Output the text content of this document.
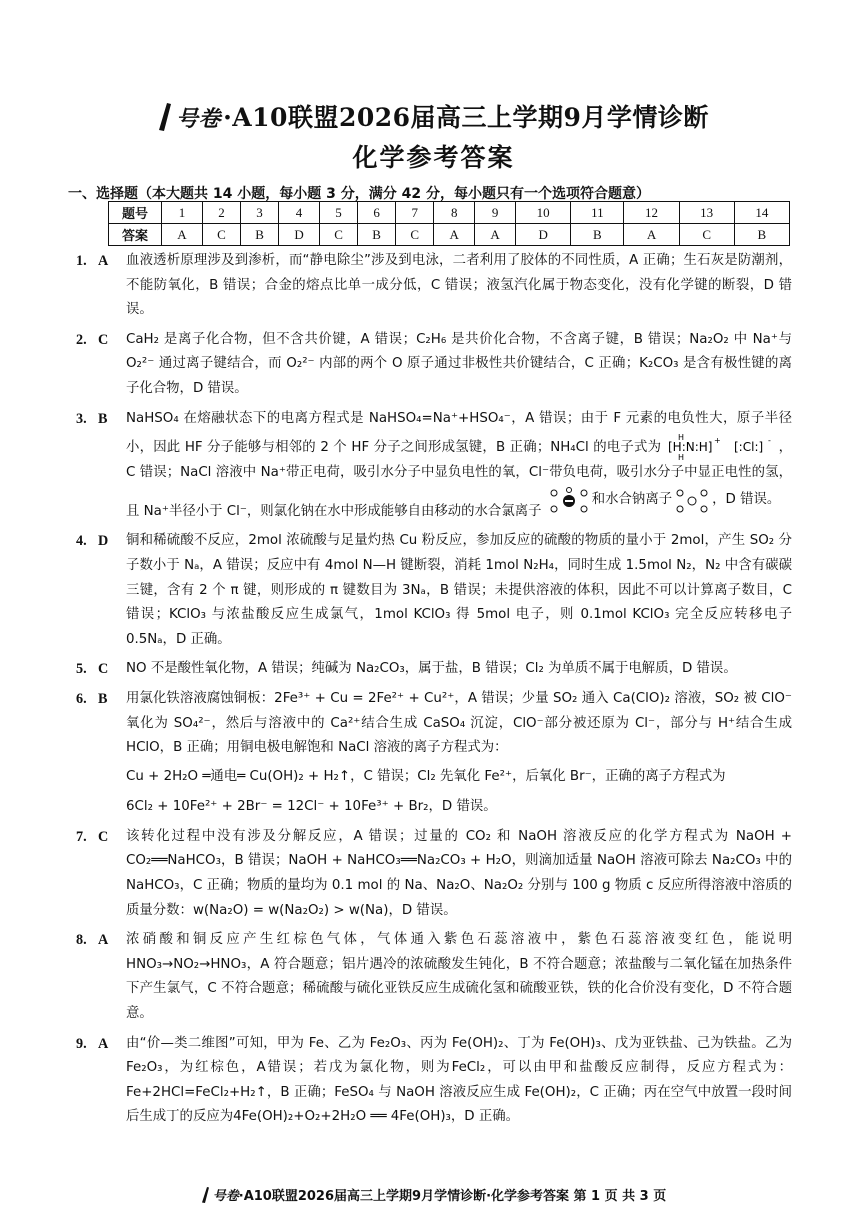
号卷·A10联盟2026届高三上学期9月学情诊断
化学参考答案
一、选择题（本大题共 14 小题，每小题 3 分，满分 42 分，每小题只有一个选项符合题意）
题号	1	2	3	4	5	6	7	8	9	10	11	12	13	14
答案	A	C	B	D	C	B	C	A	A	D	B	A	C	B
1. A 血液透析原理涉及到渗析，而“静电除尘”涉及到电泳，二者利用了胶体的不同性质，A 正确；生石灰是防潮剂，不能防氧化，B 错误；合金的熔点比单一成分低，C 错误；液氢汽化属于物态变化，没有化学键的断裂，D 错误。
2. C CaH₂ 是离子化合物，但不含共价键，A 错误；C₂H₆ 是共价化合物，不含离子键，B 错误；Na₂O₂ 中 Na⁺与 O₂²⁻ 通过离子键结合，而 O₂²⁻ 内部的两个 O 原子通过非极性共价键结合，C 正确；K₂CO₃ 是含有极性键的离子化合物，D 错误。
3. B NaHSO₄ 在熔融状态下的电离方程式是 NaHSO₄=Na⁺+HSO₄⁻，A 错误；由于 F 元素的电负性大，原子半径小，因此 HF 分子能够与相邻的 2 个 HF 分子之间形成氢键，B 正确；NH₄Cl 的电子式为 [H:N:H]
H
H
+
[:Cl:] - ，C 错误；NaCl 溶液中 Na⁺带正电荷，吸引水分子中显负电性的氧，Cl⁻带负电荷，吸引水分子中显正电性的氢，且 Na⁺半径小于 Cl⁻，则氯化钠在水中形成能够自由移动的水合氯离子
和水合钠离子	，D 错误。
4. D 铜和稀硫酸不反应，2mol 浓硫酸与足量灼热 Cu 粉反应，参加反应的硫酸的物质的量小于 2mol，产生 SO₂ 分子数小于 Nₐ，A 错误；反应中有 4mol N—H 键断裂，消耗 1mol N₂H₄，同时生成 1.5mol N₂，N₂ 中含有碳碳三键，含有 2 个 π 键，则形成的 π 键数目为 3Nₐ，B 错误；未提供溶液的体积，因此不可以计算离子数目，C 错误；KClO₃ 与浓盐酸反应生成氯气，1mol KClO₃ 得 5mol 电子，则 0.1mol KClO₃ 完全反应转移电子 0.5Nₐ，D 正确。
5. C NO 不是酸性氧化物，A 错误；纯碱为 Na₂CO₃，属于盐，B 错误；Cl₂ 为单质不属于电解质，D 错误。
6. B 用氯化铁溶液腐蚀铜板：2Fe³⁺ + Cu = 2Fe²⁺ + Cu²⁺，A 错误；少量 SO₂ 通入 Ca(ClO)₂ 溶液，SO₂ 被 ClO⁻氧化为 SO₄²⁻，然后与溶液中的 Ca²⁺结合生成 CaSO₄ 沉淀，ClO⁻部分被还原为 Cl⁻，部分与 H⁺结合生成 HClO，B 正确；用铜电极电解饱和 NaCl 溶液的离子方程式为：
Cu + 2H₂O ═通电═ Cu(OH)₂ + H₂↑，C 错误；Cl₂ 先氧化 Fe²⁺，后氧化 Br⁻，正确的离子方程式为
6Cl₂ + 10Fe²⁺ + 2Br⁻ = 12Cl⁻ + 10Fe³⁺ + Br₂，D 错误。
7. C 该转化过程中没有涉及分解反应，A 错误；过量的 CO₂ 和 NaOH 溶液反应的化学方程式为 NaOH + CO₂══NaHCO₃，B 错误；NaOH + NaHCO₃══Na₂CO₃ + H₂O，则滴加适量 NaOH 溶液可除去 Na₂CO₃ 中的 NaHCO₃，C 正确；物质的量均为 0.1 mol 的 Na、Na₂O、Na₂O₂ 分别与 100 g 物质 c 反应所得溶液中溶质的质量分数：w(Na₂O) = w(Na₂O₂) > w(Na)，D 错误。
8. A 浓硝酸和铜反应产生红棕色气体，气体通入紫色石蕊溶液中，紫色石蕊溶液变红色，能说明 HNO₃→NO₂→HNO₃，A 符合题意；铝片遇冷的浓硫酸发生钝化，B 不符合题意；浓盐酸与二氧化锰在加热条件下产生氯气，C 不符合题意；稀硫酸与硫化亚铁反应生成硫化氢和硫酸亚铁，铁的化合价没有变化，D 不符合题意。
9. A 由“价—类二维图”可知，甲为 Fe、乙为 Fe₂O₃、丙为 Fe(OH)₂、丁为 Fe(OH)₃、戊为亚铁盐、己为铁盐。乙为Fe₂O₃，为红棕色，A错误；若戊为氯化物，则为FeCl₂，可以由甲和盐酸反应制得，反应方程式为：Fe+2HCl=FeCl₂+H₂↑，B 正确；FeSO₄ 与 NaOH 溶液反应生成 Fe(OH)₂，C 正确；丙在空气中放置一段时间后生成丁的反应为4Fe(OH)₂+O₂+2H₂O ══ 4Fe(OH)₃，D 正确。
号卷·A10联盟2026届高三上学期9月学情诊断·化学参考答案 第 1 页 共 3 页
